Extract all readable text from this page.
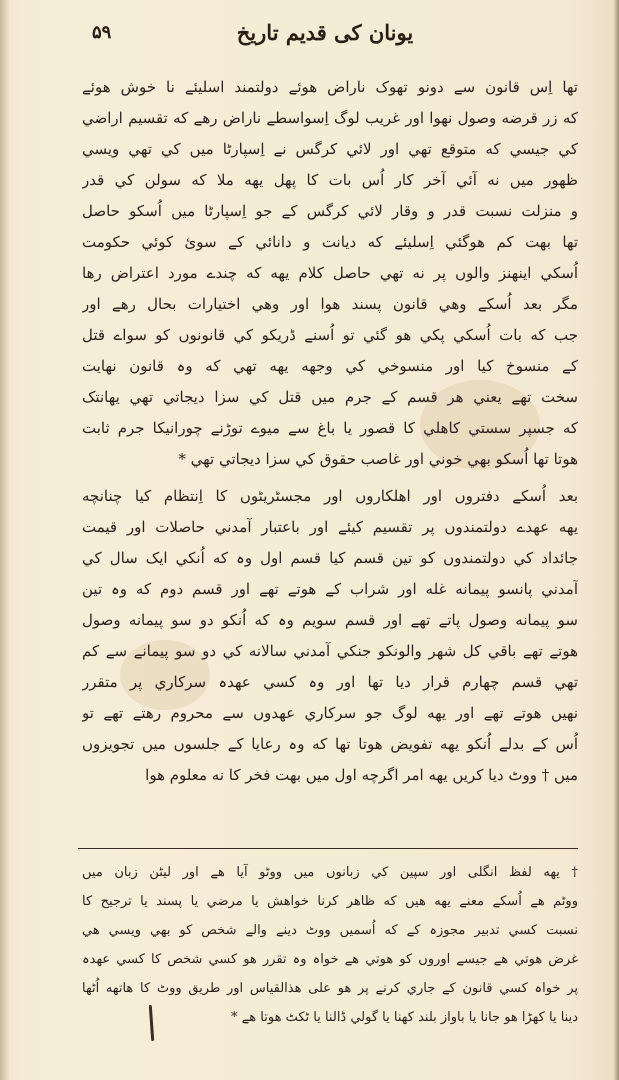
۵۹	یونان کی قدیم تاریخ
تها اِس قانون سے دونو تهوک ناراض هوئے دولتمند اسلیئے نا خوش هوئے
که زر قرضه وصول نهوا اور غریب لوگ اِسواسطے ناراض رهے که تقسیم اراضي
کي جیسي که متوقع تهي اور لائي کرگس نے اِسپارٹا میں کي تهي ویسي
ظهور میں نه آئي آخر کار اُس بات کا پهل یهه ملا که سولن کي قدر
و منزلت نسبت قدر و وقار لائي کرگس کے جو اِسپارٹا میں اُسکو حاصل
تها بهت کم هوگئي اِسلیئے که دیانت و دانائي کے سوئ کوئي حکومت
اُسکي اینهنز والوں پر نه تهي حاصل کلام یهه که چندے مورد اعتراض رها
مگر بعد اُسکے وهي قانون پسند هوا اور وهي اختیارات بحال رهے اور
جب که بات اُسکي پکي هو گئي تو اُسنے ڈریکو کي قانونوں کو سواے قتل
کے منسوخ کیا اور منسوخي کي وجهه یهه تهي که وہ قانون نهایت
سخت تهے یعني هر قسم کے جرم میں قتل کي سزا دیجاتي تهي یهانتک
که جسپر سستي کاهلي کا قصور یا باغ سے میوے توڑنے چورانیکا جرم ثابت
هوتا تها اُسکو بهي خوني اور غاصب حقوق کي سزا دیجاتي تهي *
بعد اُسکے دفتروں اور اهلکاروں اور مجسٹریٹوں کا اِنتظام کیا چنانچه
یهه عهدے دولتمندوں پر تقسیم کیئے اور باعتبار آمدني حاصلات اور قیمت
جائداد کي دولتمندوں کو تین قسم کیا قسم اول وہ که اُنکي ایک سال کي
آمدني پانسو پیمانه غله اور شراب کے هوتے تهے اور قسم دوم که وہ تین
سو پیمانه وصول پاتے تهے اور قسم سویم وہ که اُنکو دو سو پیمانه وصول
هوتے تهے باقي کل شهر والونکو جنکي آمدني سالانه کي دو سو پیمانے سے کم
تهي قسم چهارم قرار دیا تها اور وہ کسي عهدہ سرکاري پر متقرر
نهیں هوتے تهے اور یهه لوگ جو سرکاري عهدوں سے محروم رهتے تهے تو
اُس کے بدلے اُنکو یهه تفویض هوتا تها که وہ رعایا کے جلسوں میں تجویزوں
میں † ووٹ دیا کریں یهه امر اگرچه اول میں بهت فخر کا نه معلوم هوا
† یهه لفظ انگلی اور سپین کي زبانوں میں ووٹو آیا هے اور لیٹن زبان میں
ووٹم هے اُسکے معنے یهه هیں که ظاهر کرنا خواهش یا مرضي یا پسند یا ترجیح کا
نسبت کسي تدبیر مجوزہ کے که اُسمیں ووٹ دینے والے شخص کو بهي ویسي هي
غرض هوتي هے جیسے اوروں کو هوتي هے خواہ وہ تقرر هو کسي شخص کا کسي عهدہ
پر خواہ کسي قانون کے جاري کرنے پر هو علی هذالقیاس اور طریق ووٹ کا هاتهه اُٹها
دینا یا کهڑا هو جانا یا باواز بلند کهنا یا گولي ڈالنا یا ٹکٹ هوتا هے *
